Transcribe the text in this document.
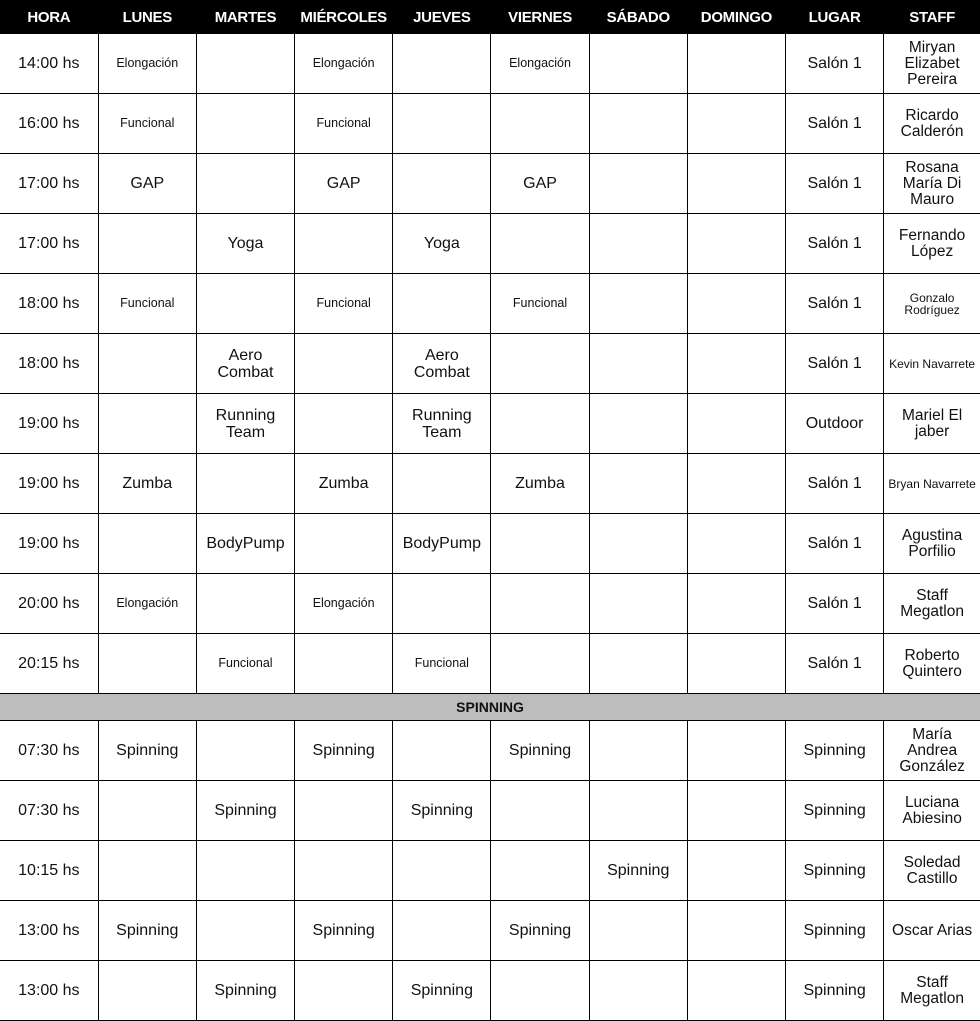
HORA	LUNES	MARTES	MIÉRCOLES	JUEVES	VIERNES	SÁBADO	DOMINGO	LUGAR	STAFF
14:00 hs	Elongación		Elongación		Elongación			Salón 1	Miryan Elizabet Pereira
16:00 hs	Funcional		Funcional					Salón 1	Ricardo Calderón
17:00 hs	GAP		GAP		GAP			Salón 1	Rosana María Di Mauro
17:00 hs		Yoga		Yoga				Salón 1	Fernando López
18:00 hs	Funcional		Funcional		Funcional			Salón 1	Gonzalo Rodríguez
18:00 hs		Aero Combat		Aero Combat				Salón 1	Kevin Navarrete
19:00 hs		Running Team		Running Team				Outdoor	Mariel El jaber
19:00 hs	Zumba		Zumba		Zumba			Salón 1	Bryan Navarrete
19:00 hs		BodyPump		BodyPump				Salón 1	Agustina Porfilio
20:00 hs	Elongación		Elongación					Salón 1	Staff Megatlon
20:15 hs		Funcional		Funcional				Salón 1	Roberto Quintero
SPINNING									
07:30 hs	Spinning		Spinning		Spinning			Spinning	María Andrea González
07:30 hs		Spinning		Spinning				Spinning	Luciana Abiesino
10:15 hs						Spinning		Spinning	Soledad Castillo
13:00 hs	Spinning		Spinning		Spinning			Spinning	Oscar Arias
13:00 hs		Spinning		Spinning				Spinning	Staff Megatlon
